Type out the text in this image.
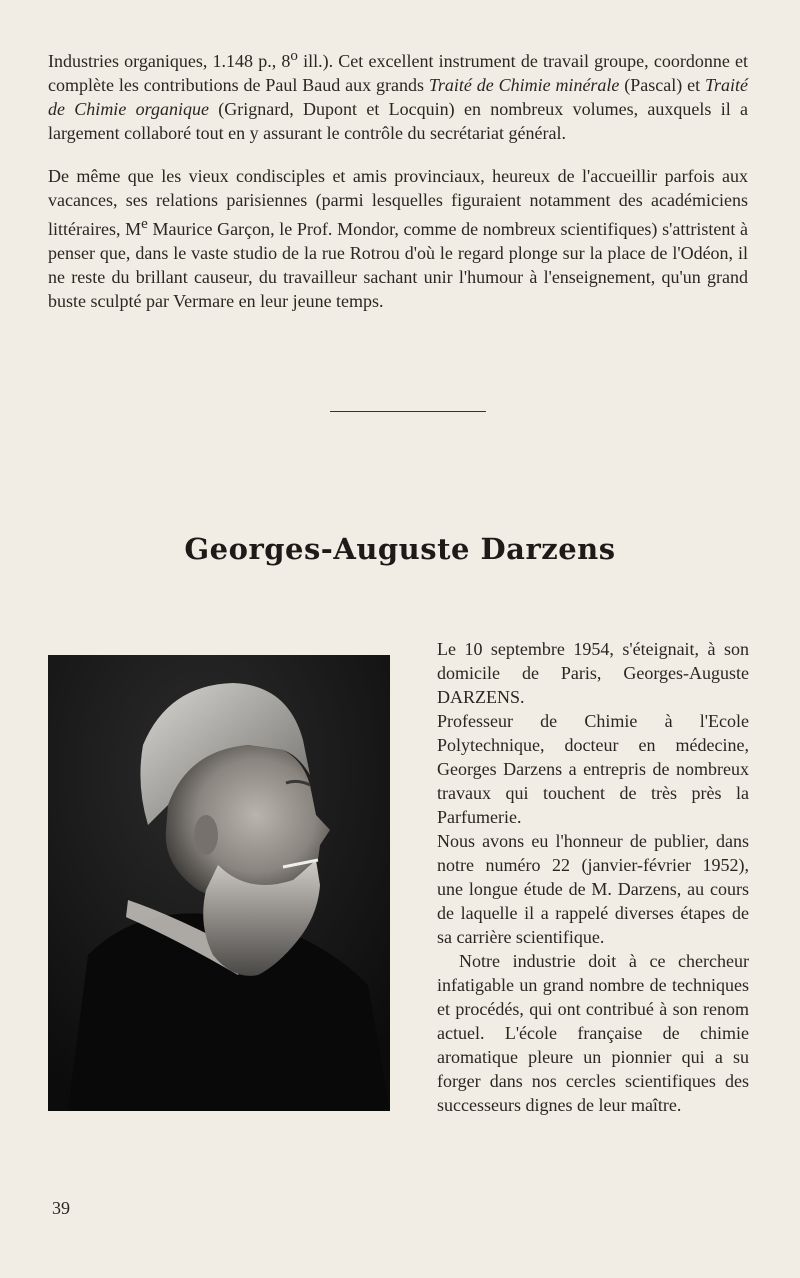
Industries organiques, 1.148 p., 8$^o$ ill.). Cet excellent instrument de travail groupe, coordonne et complète les contributions de Paul Baud aux grands Traité de Chimie minérale (Pascal) et Traité de Chimie organique (Grignard, Dupont et Locquin) en nombreux volumes, auxquels il a largement collaboré tout en y assurant le contrôle du secrétariat général.

De même que les vieux condisciples et amis provinciaux, heureux de l'accueillir parfois aux vacances, ses relations parisiennes (parmi lesquelles figuraient notamment des académiciens littéraires, Me Maurice Garçon, le Prof. Mondor, comme de nombreux scientifiques) s'attristent à penser que, dans le vaste studio de la rue Rotrou d'où le regard plonge sur la place de l'Odéon, il ne reste du brillant causeur, du travailleur sachant unir l'humour à l'enseignement, qu'un grand buste sculpté par Vermare en leur jeune temps.

Georges-Auguste Darzens

Le 10 septembre 1954, s'éteignait, à son domicile de Paris, Georges-Auguste DARZENS.

Professeur de Chimie à l'Ecole Polytechnique, docteur en médecine, Georges Darzens a entrepris de nombreux travaux qui touchent de très près la Parfumerie.

Nous avons eu l'honneur de publier, dans notre numéro 22 (janvier-février 1952), une longue étude de M. Darzens, au cours de laquelle il a rappelé diverses étapes de sa carrière scientifique.

Notre industrie doit à ce chercheur infatigable un grand nombre de techniques et procédés, qui ont contribué à son renom actuel. L'école française de chimie aromatique pleure un pionnier qui a su forger dans nos cercles scientifiques des successeurs dignes de leur maître.

39
